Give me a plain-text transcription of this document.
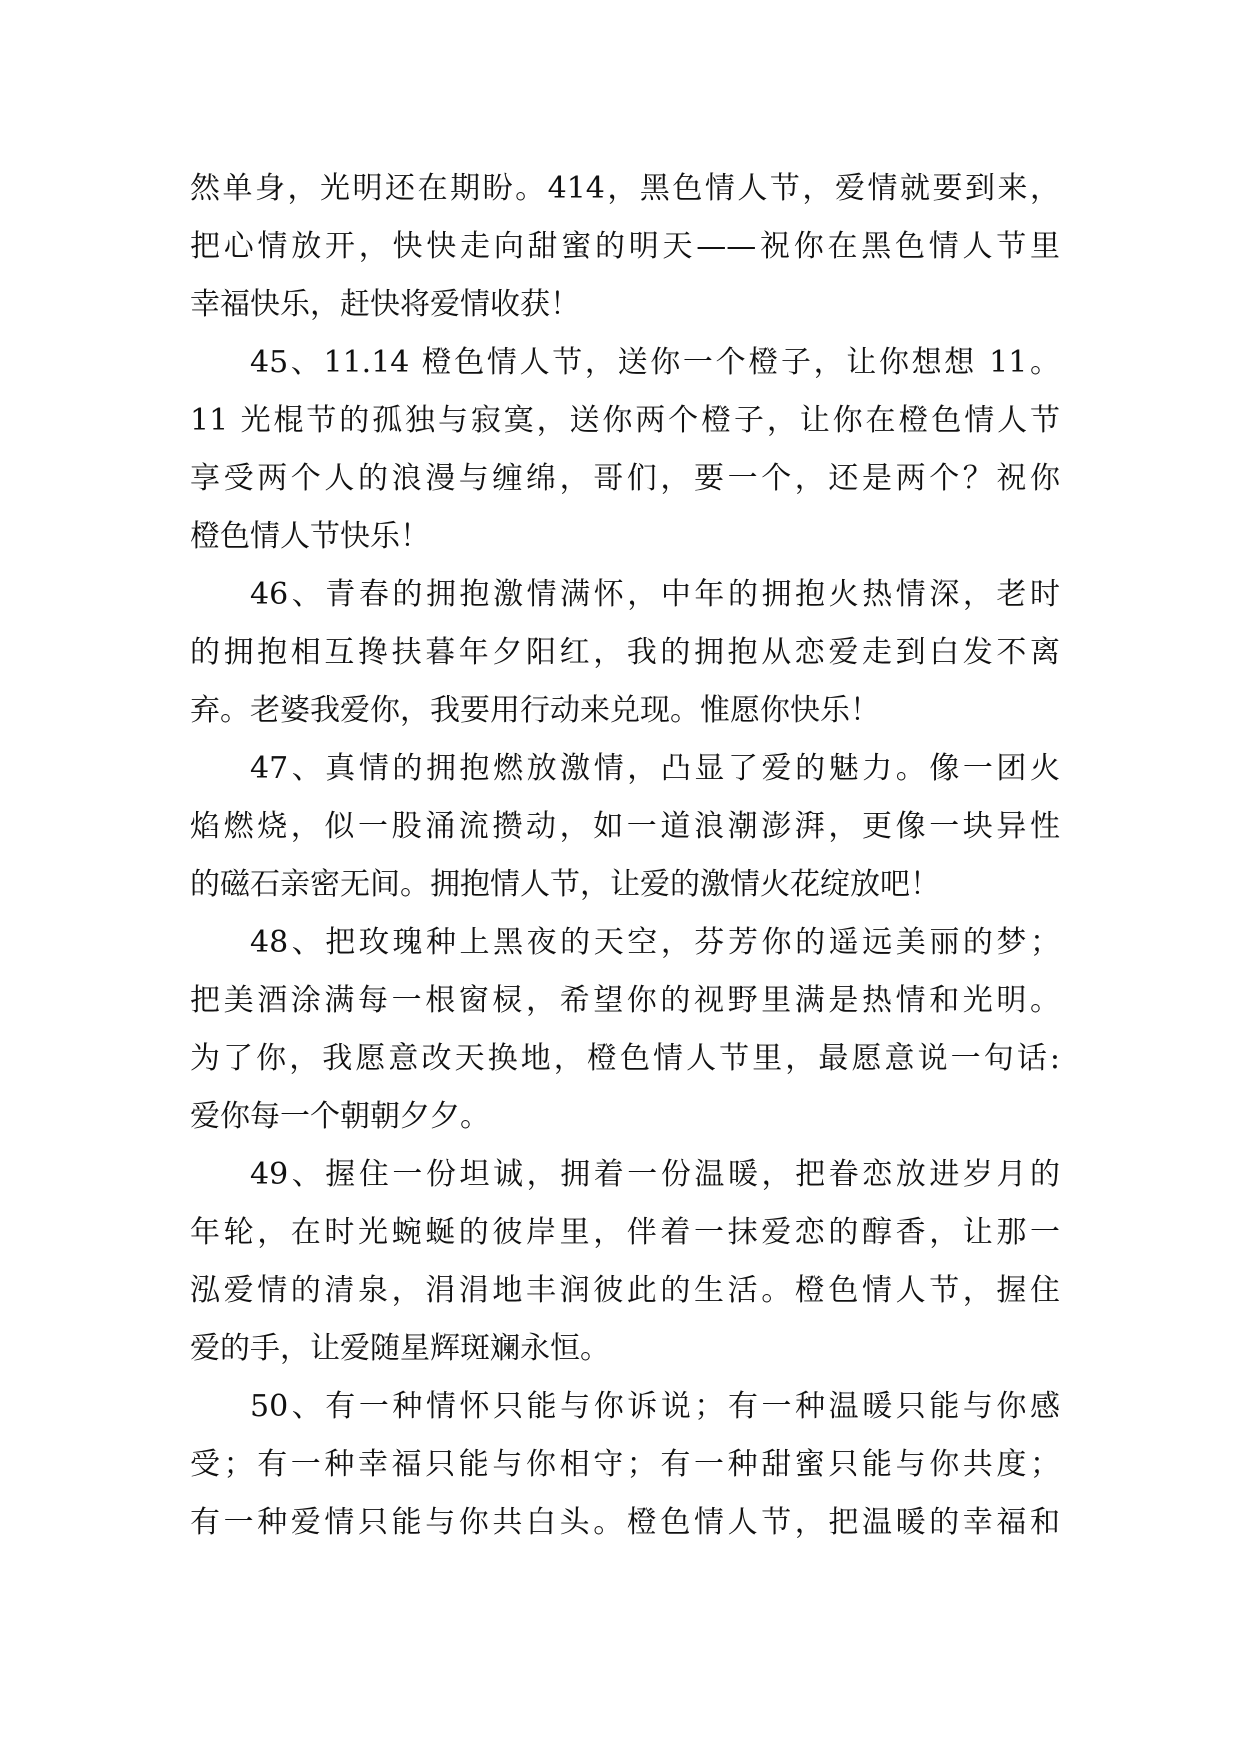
然单身，光明还在期盼。414，黑色情人节，爱情就要到来，
把心情放开，快快走向甜蜜的明天——祝你在黑色情人节里
幸福快乐，赶快将爱情收获！
45、11.14 橙色情人节，送你一个橙子，让你想想 11。
11 光棍节的孤独与寂寞，送你两个橙子，让你在橙色情人节
享受两个人的浪漫与缠绵，哥们，要一个，还是两个？祝你
橙色情人节快乐！
46、青春的拥抱激情满怀，中年的拥抱火热情深，老时
的拥抱相互搀扶暮年夕阳红，我的拥抱从恋爱走到白发不离
弃。老婆我爱你，我要用行动来兑现。惟愿你快乐！
47、真情的拥抱燃放激情，凸显了爱的魅力。像一团火
焰燃烧，似一股涌流攒动，如一道浪潮澎湃，更像一块异性
的磁石亲密无间。拥抱情人节，让爱的激情火花绽放吧！
48、把玫瑰种上黑夜的天空，芬芳你的遥远美丽的梦；
把美酒涂满每一根窗棂，希望你的视野里满是热情和光明。
为了你，我愿意改天换地，橙色情人节里，最愿意说一句话:
爱你每一个朝朝夕夕。
49、握住一份坦诚，拥着一份温暖，把眷恋放进岁月的
年轮，在时光蜿蜒的彼岸里，伴着一抹爱恋的醇香，让那一
泓爱情的清泉，涓涓地丰润彼此的生活。橙色情人节，握住
爱的手，让爱随星辉斑斓永恒。
50、有一种情怀只能与你诉说；有一种温暖只能与你感
受；有一种幸福只能与你相守；有一种甜蜜只能与你共度；
有一种爱情只能与你共白头。橙色情人节，把温暖的幸福和
